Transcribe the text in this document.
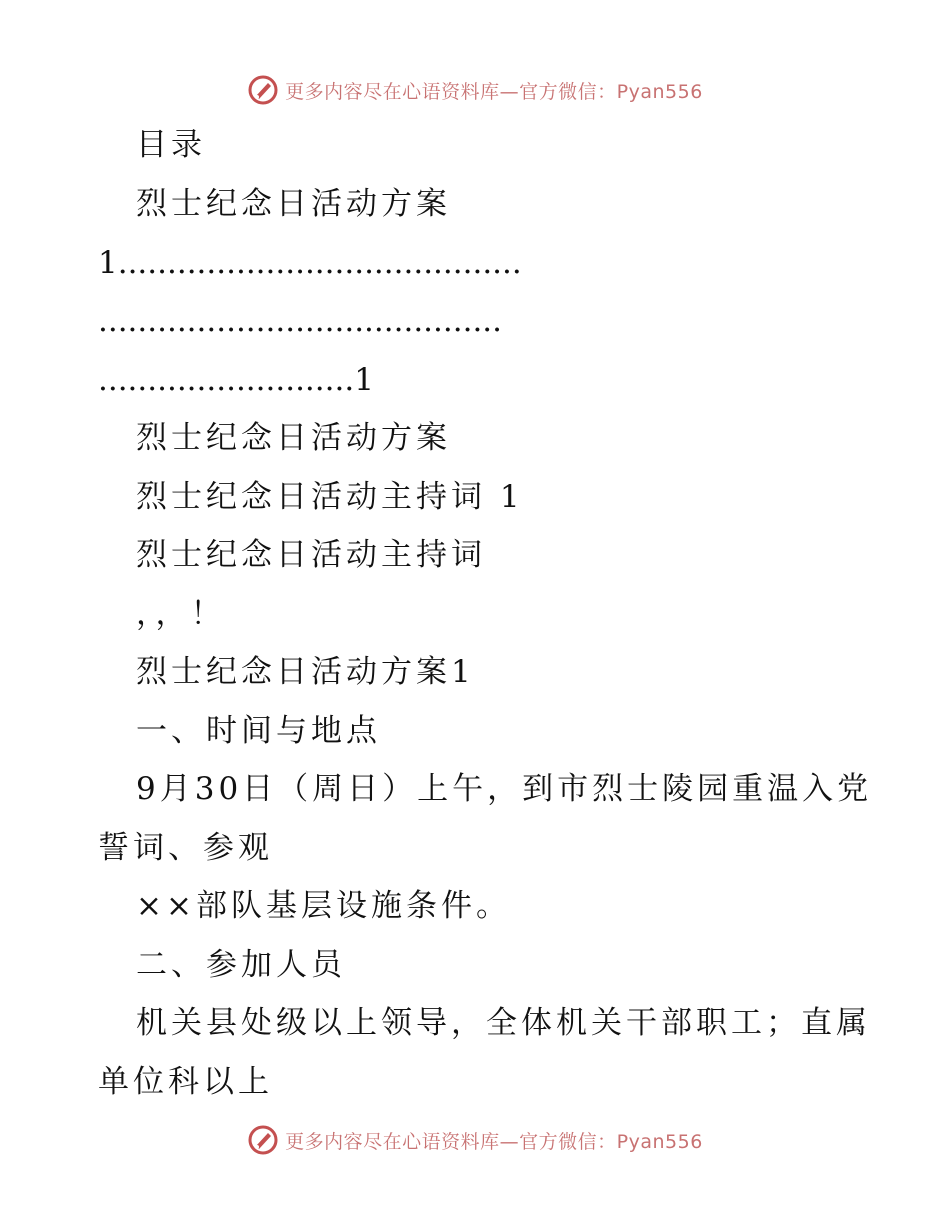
更多内容尽在心语资料库—官方微信：Pyan556
目录
烈士纪念日活动方案
1.........................................
.........................................
..........................1
烈士纪念日活动方案
烈士纪念日活动主持词 1
烈士纪念日活动主持词
，，！
烈士纪念日活动方案1
一、时间与地点
9月30日（周日）上午，到市烈士陵园重温入党
誓词、参观
××部队基层设施条件。
二、参加人员
机关县处级以上领导，全体机关干部职工；直属
单位科以上
更多内容尽在心语资料库—官方微信：Pyan556
